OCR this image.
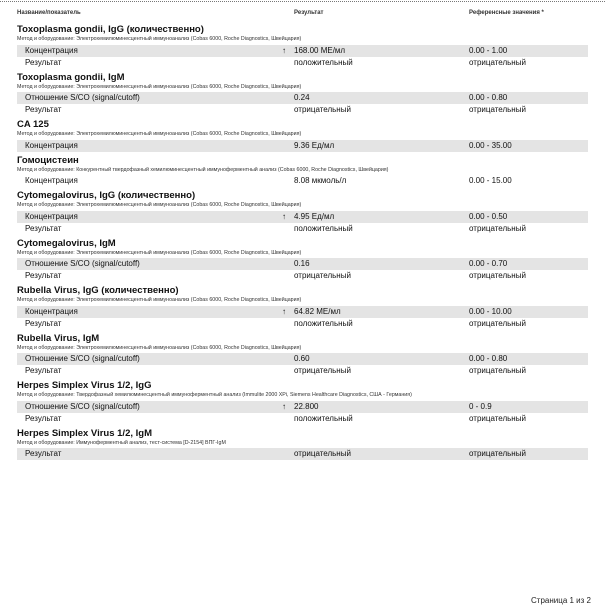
Название/показатель	Результат	Референсные значения *
Toxoplasma gondii, IgG (количественно)
Метод и оборудование: Электрохемилюминесцентный иммуноанализ (Cobas 6000, Roche Diagnostics, Швейцария)
Концентрация	↑ 168.00 МЕ/мл	0.00 - 1.00
Результат	положительный	отрицательный
Toxoplasma gondii, IgM
Метод и оборудование: Электрохемилюминесцентный иммуноанализ (Cobas 6000, Roche Diagnostics, Швейцария)
Отношение S/CO (signal/cutoff)	0.24	0.00 - 0.80
Результат	отрицательный	отрицательный
CA 125
Метод и оборудование: Электрохемилюминесцентный иммуноанализ (Cobas 6000, Roche Diagnostics, Швейцария)
Концентрация	9.36 Ед/мл	0.00 - 35.00
Гомоцистеин
Метод и оборудование: Конкурентный твердофазный хемилюминесцентный иммуноферментный анализ (Cobas 6000, Roche Diagnostics, Швейцария)
Концентрация	8.08 мкмоль/л	0.00 - 15.00
Cytomegalovirus, IgG (количественно)
Метод и оборудование: Электрохемилюминесцентный иммуноанализ (Cobas 6000, Roche Diagnostics, Швейцария)
Концентрация	↑ 4.95 Ед/мл	0.00 - 0.50
Результат	положительный	отрицательный
Cytomegalovirus, IgM
Метод и оборудование: Электрохемилюминесцентный иммуноанализ (Cobas 6000, Roche Diagnostics, Швейцария)
Отношение S/CO (signal/cutoff)	0.16	0.00 - 0.70
Результат	отрицательный	отрицательный
Rubella Virus, IgG (количественно)
Метод и оборудование: Электрохемилюминесцентный иммуноанализ (Cobas 6000, Roche Diagnostics, Швейцария)
Концентрация	↑ 64.82 МЕ/мл	0.00 - 10.00
Результат	положительный	отрицательный
Rubella Virus, IgM
Метод и оборудование: Электрохемилюминесцентный иммуноанализ (Cobas 6000, Roche Diagnostics, Швейцария)
Отношение S/CO (signal/cutoff)	0.60	0.00 - 0.80
Результат	отрицательный	отрицательный
Herpes Simplex Virus 1/2, IgG
Метод и оборудование: Твердофазный хемилюминесцентный иммуноферментный анализ (Immulite 2000 XPi, Siemens Healthcare Diagnostics, США - Германия)
Отношение S/CO (signal/cutoff)	↑ 22.800	0 - 0.9
Результат	положительный	отрицательный
Herpes Simplex Virus 1/2, IgM
Метод и оборудование: Иммуноферментный анализ, тест-система [D-2154] ВПГ-IgM
Результат	отрицательный	отрицательный
Страница 1 из 2
